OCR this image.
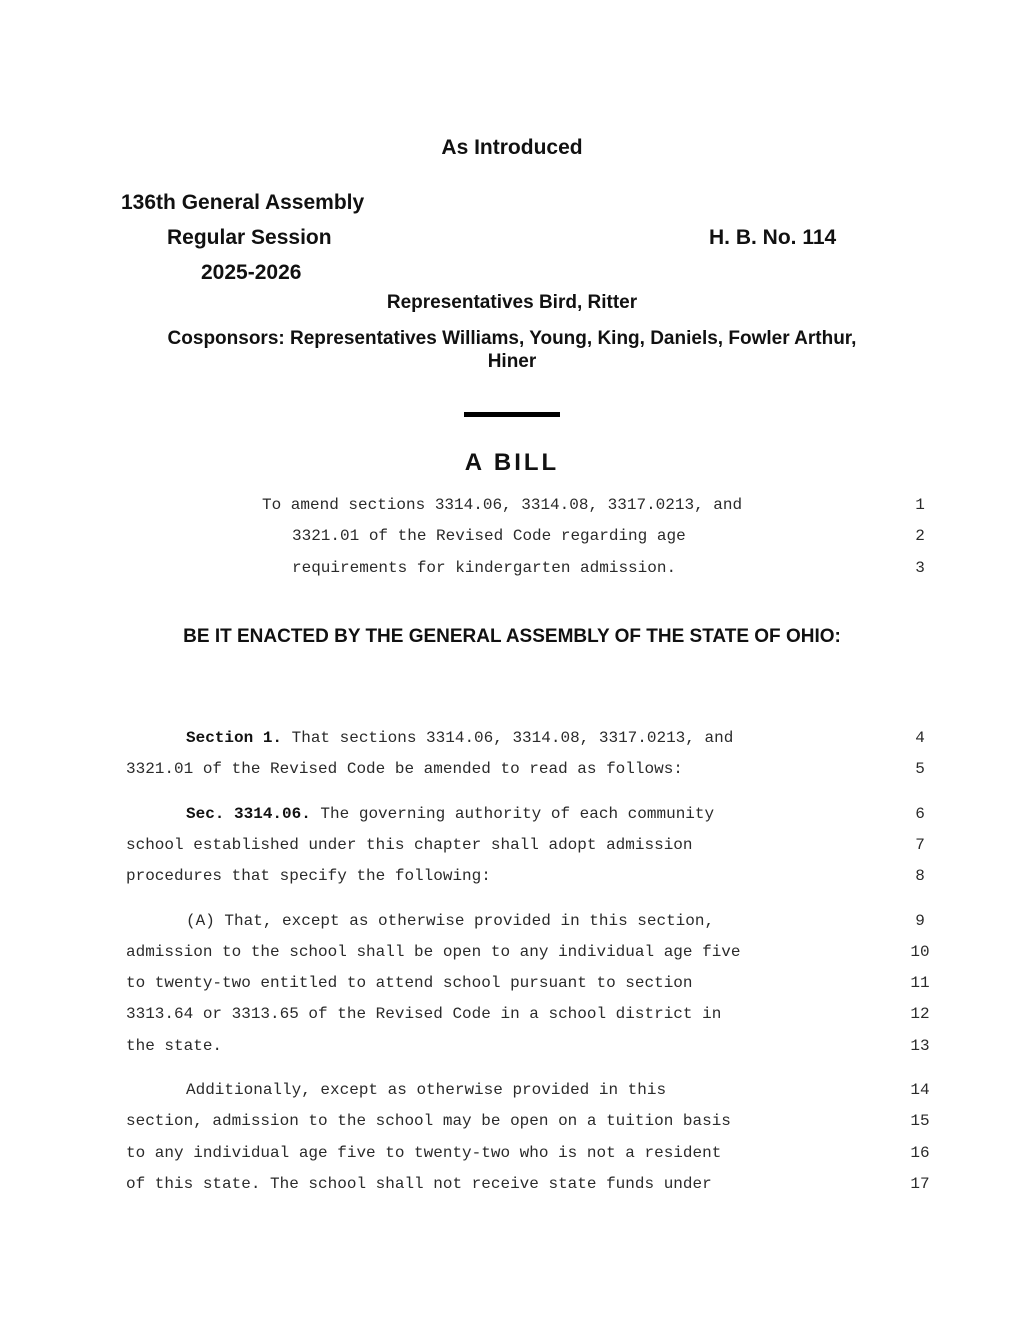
As Introduced
136th General Assembly
Regular Session	H. B. No. 114
2025-2026
Representatives Bird, Ritter
Cosponsors: Representatives Williams, Young, King, Daniels, Fowler Arthur,
Hiner
A BILL
To amend sections 3314.06, 3314.08, 3317.0213, and	1
3321.01 of the Revised Code regarding age	2
requirements for kindergarten admission.	3
BE IT ENACTED BY THE GENERAL ASSEMBLY OF THE STATE OF OHIO:
Section 1. That sections 3314.06, 3314.08, 3317.0213, and	4
3321.01 of the Revised Code be amended to read as follows:	5
Sec. 3314.06. The governing authority of each community	6
school established under this chapter shall adopt admission	7
procedures that specify the following:	8
(A) That, except as otherwise provided in this section,	9
admission to the school shall be open to any individual age five	10
to twenty-two entitled to attend school pursuant to section	11
3313.64 or 3313.65 of the Revised Code in a school district in	12
the state.	13
Additionally, except as otherwise provided in this	14
section, admission to the school may be open on a tuition basis	15
to any individual age five to twenty-two who is not a resident	16
of this state. The school shall not receive state funds under	17
